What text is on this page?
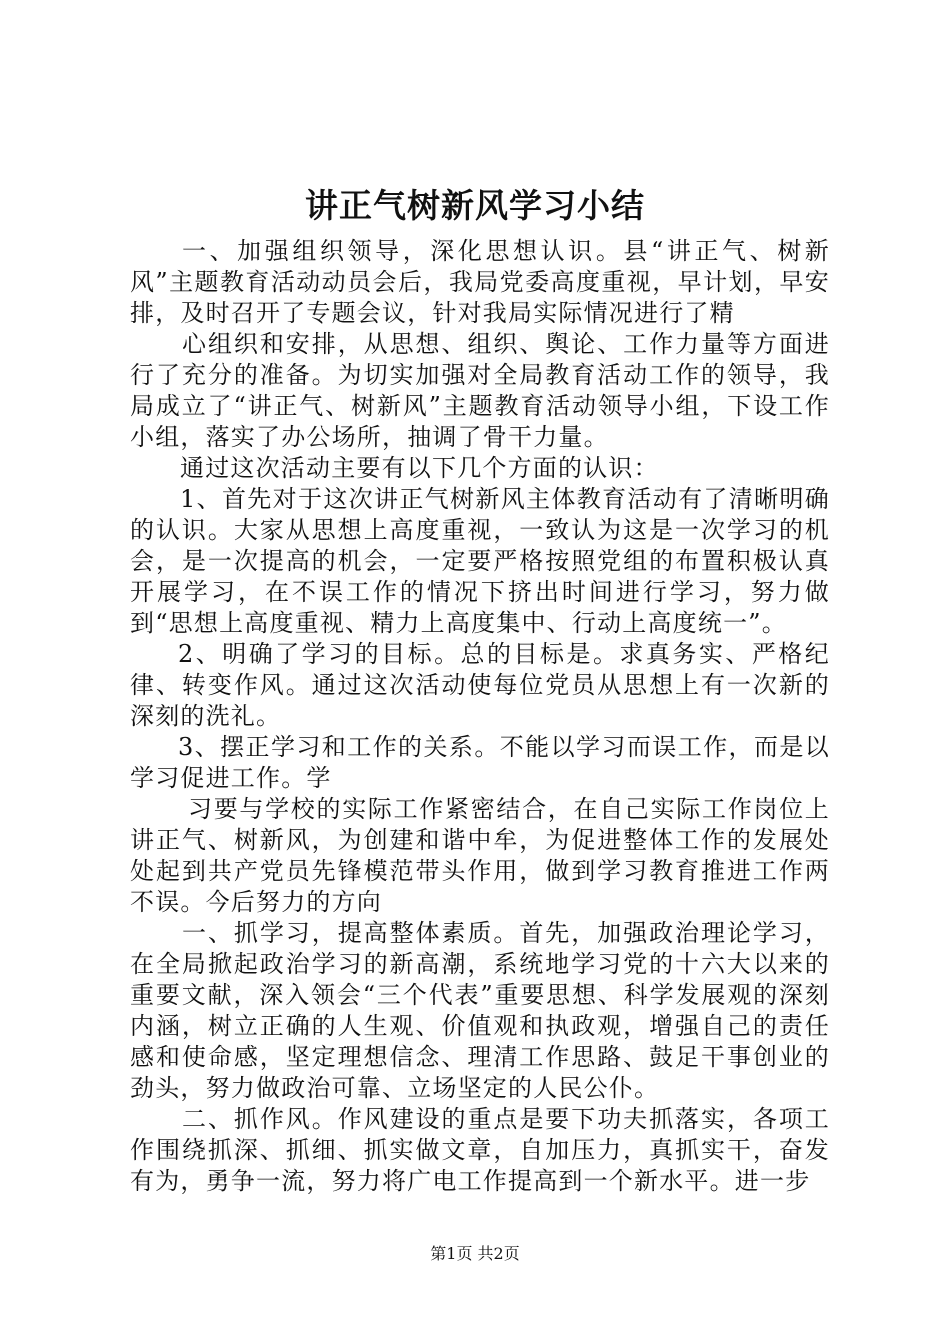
讲正气树新风学习小结

一、加强组织领导，深化思想认识。县“讲正气、树新风”主题教育活动动员会后，我局党委高度重视，早计划，早安排，及时召开了专题会议，针对我局实际情况进行了精

心组织和安排，从思想、组织、舆论、工作力量等方面进行了充分的准备。为切实加强对全局教育活动工作的领导，我局成立了“讲正气、树新风”主题教育活动领导小组，下设工作小组，落实了办公场所，抽调了骨干力量。

通过这次活动主要有以下几个方面的认识：

1、首先对于这次讲正气树新风主体教育活动有了清晰明确的认识。大家从思想上高度重视，一致认为这是一次学习的机会，是一次提高的机会，一定要严格按照党组的布置积极认真开展学习，在不误工作的情况下挤出时间进行学习，努力做到“思想上高度重视、精力上高度集中、行动上高度统一”。

2、明确了学习的目标。总的目标是。求真务实、严格纪律、转变作风。通过这次活动使每位党员从思想上有一次新的深刻的洗礼。

3、摆正学习和工作的关系。不能以学习而误工作，而是以学习促进工作。学

习要与学校的实际工作紧密结合，在自己实际工作岗位上讲正气、树新风，为创建和谐中牟，为促进整体工作的发展处处起到共产党员先锋模范带头作用，做到学习教育推进工作两不误。今后努力的方向

一、抓学习，提高整体素质。首先，加强政治理论学习，在全局掀起政治学习的新高潮，系统地学习党的十六大以来的重要文献，深入领会“三个代表”重要思想、科学发展观的深刻内涵，树立正确的人生观、价值观和执政观，增强自己的责任感和使命感，坚定理想信念、理清工作思路、鼓足干事创业的劲头，努力做政治可靠、立场坚定的人民公仆。

二、抓作风。作风建设的重点是要下功夫抓落实，各项工作围绕抓深、抓细、抓实做文章，自加压力，真抓实干，奋发有为，勇争一流，努力将广电工作提高到一个新水平。进一步

第1页 共2页
